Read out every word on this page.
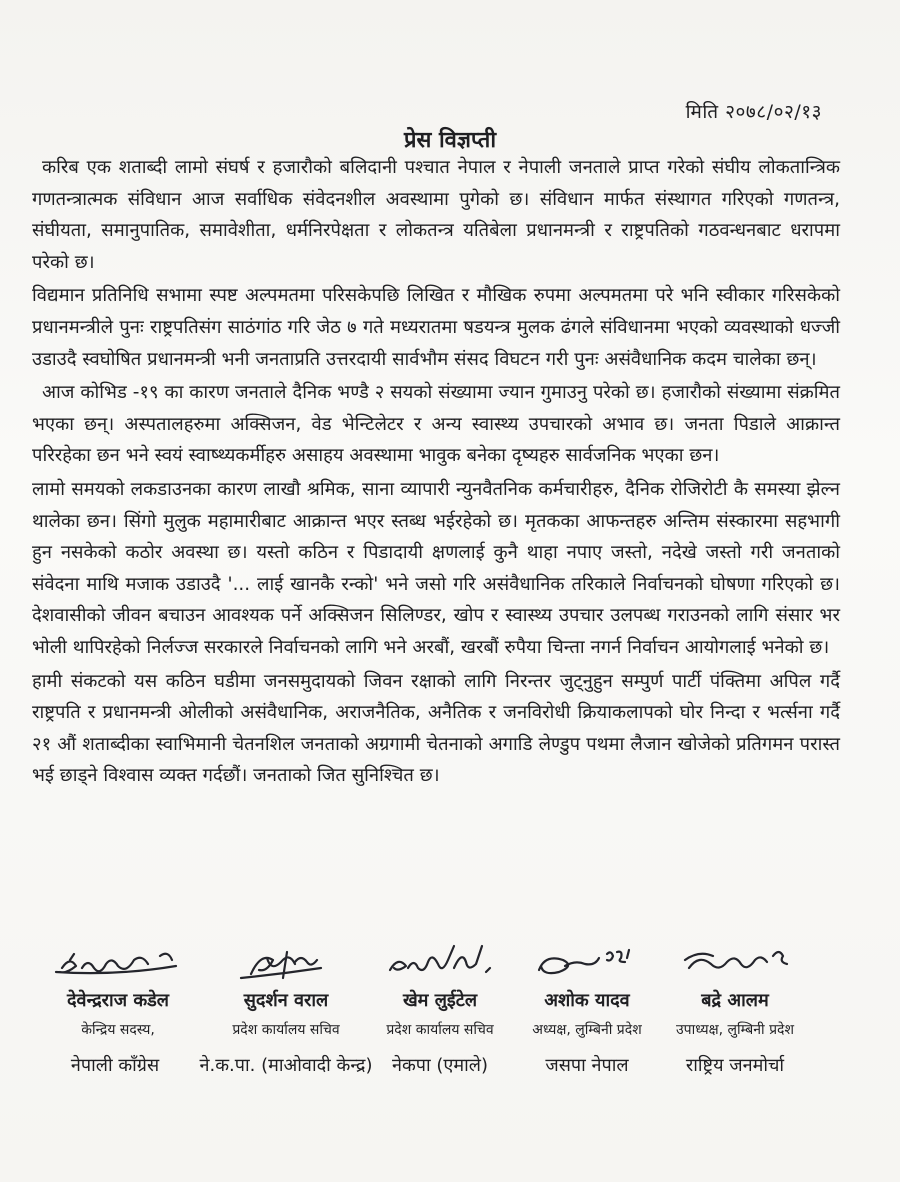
मिति २०७८/०२/१३
प्रेस विज्ञप्ती

करिब एक शताब्दी लामो संघर्ष र हजारौको बलिदानी पश्चात नेपाल र नेपाली जनताले प्राप्त गरेको संघीय लोकतान्त्रिक गणतन्त्रात्मक संविधान आज सर्वाधिक संवेदनशील अवस्थामा पुगेको छ। संविधान मार्फत संस्थागत गरिएको गणतन्त्र, संघीयता, समानुपातिक, समावेशीता, धर्मनिरपेक्षता र लोकतन्त्र यतिबेला प्रधानमन्त्री र राष्ट्रपतिको गठवन्धनबाट धरापमा परेको छ।

विद्यमान प्रतिनिधि सभामा स्पष्ट अल्पमतमा परिसकेपछि लिखित र मौखिक रुपमा अल्पमतमा परे भनि स्वीकार गरिसकेको प्रधानमन्त्रीले पुनः राष्ट्रपतिसंग साठंगांठ गरि जेठ ७ गते मध्यरातमा षडयन्त्र मुलक ढंगले संविधानमा भएको व्यवस्थाको धज्जी उडाउदै स्वघोषित प्रधानमन्त्री भनी जनताप्रति उत्तरदायी सार्वभौम संसद विघटन गरी पुनः असंवैधानिक कदम चालेका छन्।

आज कोभिड -१९ का कारण जनताले दैनिक भण्डै २ सयको संख्यामा ज्यान गुमाउनु परेको छ। हजारौको संख्यामा संक्रमित भएका छन्। अस्पतालहरुमा अक्सिजन, वेड भेन्टिलेटर र अन्य स्वास्थ्य उपचारको अभाव छ। जनता पिडाले आक्रान्त परिरहेका छन भने स्वयं स्वाष्थ्यकर्मीहरु असाहय अवस्थामा भावुक बनेका दृष्यहरु सार्वजनिक भएका छन।

लामो समयको लकडाउनका कारण लाखौ श्रमिक, साना व्यापारी न्युनवैतनिक कर्मचारीहरु, दैनिक रोजिरोटी कै समस्या झेल्न थालेका छन। सिंगो मुलुक महामारीबाट आक्रान्त भएर स्तब्ध भईरहेको छ। मृतकका आफन्तहरु अन्तिम संस्कारमा सहभागी हुन नसकेको कठोर अवस्था छ। यस्तो कठिन र पिडादायी क्षणलाई कुनै थाहा नपाए जस्तो, नदेखे जस्तो गरी जनताको संवेदना माथि मजाक उडाउदै '... लाई खानकै रन्को' भने जसो गरि असंवैधानिक तरिकाले निर्वाचनको घोषणा गरिएको छ। देशवासीको जीवन बचाउन आवश्यक पर्ने अक्सिजन सिलिण्डर, खोप र स्वास्थ्य उपचार उलपब्ध गराउनको लागि संसार भर भोली थापिरहेको निर्लज्ज सरकारले निर्वाचनको लागि भने अरबौं, खरबौं रुपैया चिन्ता नगर्न निर्वाचन आयोगलाई भनेको छ।

हामी संकटको यस कठिन घडीमा जनसमुदायको जिवन रक्षाको लागि निरन्तर जुट्नुहुन सम्पुर्ण पार्टी पंक्तिमा अपिल गर्दै राष्ट्रपति र प्रधानमन्त्री ओलीको असंवैधानिक, अराजनैतिक, अनैतिक र जनविरोधी क्रियाकलापको घोर निन्दा र भर्त्सना गर्दै २१ औं शताब्दीका स्वाभिमानी चेतनशिल जनताको अग्रगामी चेतनाको अगाडि लेण्डुप पथमा लैजान खोजेको प्रतिगमन परास्त भई छाड्ने विश्वास व्यक्त गर्दछौं। जनताको जित सुनिश्चित छ।

देवेन्द्रराज कडेल
केन्द्रिय सदस्य,
नेपाली काँग्रेस
सुदर्शन वराल
प्रदेश कार्यालय सचिव
ने.क.पा. (माओवादी केन्द्र)
खेम लुईटेल
प्रदेश कार्यालय सचिव
नेकपा (एमाले)
अशोक यादव
अध्यक्ष, लुम्बिनी प्रदेश
जसपा नेपाल
बद्रे आलम
उपाध्यक्ष, लुम्बिनी प्रदेश
राष्ट्रिय जनमोर्चा
